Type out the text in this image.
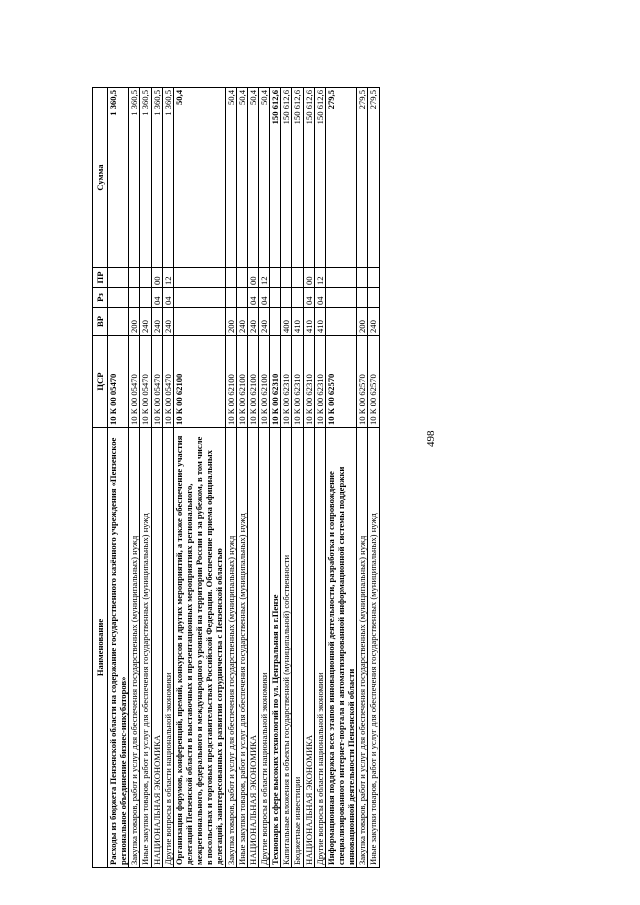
498
Наименование	ЦСР	ВР	Рз	ПР	Сумма
Расходы из бюджета Пензенской области на содержание государственного казённого учреждения «Пензенское региональное объединение бизнес-инкубаторов»	10 К 00 05470				1 360,5
Закупка товаров, работ и услуг для обеспечения государственных (муниципальных) нужд	10 К 00 05470	200			1 360,5
Иные закупки товаров, работ и услуг для обеспечения государственных (муниципальных) нужд	10 К 00 05470	240			1 360,5
НАЦИОНАЛЬНАЯ ЭКОНОМИКА	10 К 00 05470	240	04	00	1 360,5
Другие вопросы в области национальной экономики	10 К 00 05470	240	04	12	1 360,5
Организация форумов, конференций, премий, конкурсов и других мероприятий, а также обеспечение участия делегаций Пензенской области в выставочных и презентационных мероприятиях регионального, межрегионального, федерального и международного уровней на территории России и за рубежом, в том числе в посольствах и торговых представительствах Российской Федерации. Обеспечение приема официальных делегаций, заинтересованных в развитии сотрудничества с Пензенской областью	10 К 00 62100				50,4
Закупка товаров, работ и услуг для обеспечения государственных (муниципальных) нужд	10 К 00 62100	200			50,4
Иные закупки товаров, работ и услуг для обеспечения государственных (муниципальных) нужд	10 К 00 62100	240			50,4
НАЦИОНАЛЬНАЯ ЭКОНОМИКА	10 К 00 62100	240	04	00	50,4
Другие вопросы в области национальной экономики	10 К 00 62100	240	04	12	50,4
Технопарк в сфере высоких технологий по ул. Центральная в г.Пензе	10 К 00 62310				150 612,6
Капитальные вложения в объекты государственной (муниципальной) собственности	10 К 00 62310	400			150 612,6
Бюджетные инвестиции	10 К 00 62310	410			150 612,6
НАЦИОНАЛЬНАЯ ЭКОНОМИКА	10 К 00 62310	410	04	00	150 612,6
Другие вопросы в области национальной экономики	10 К 00 62310	410	04	12	150 612,6
Информационная поддержка всех этапов инновационной деятельности, разработка и сопровождение специализированного интернет-портала и автоматизированной информационной системы поддержки инновационной деятельности Пензенской области	10 К 00 62570				279,5
Закупка товаров, работ и услуг для обеспечения государственных (муниципальных) нужд	10 К 00 62570	200			279,5
Иные закупки товаров, работ и услуг для обеспечения государственных (муниципальных) нужд	10 К 00 62570	240			279,5
